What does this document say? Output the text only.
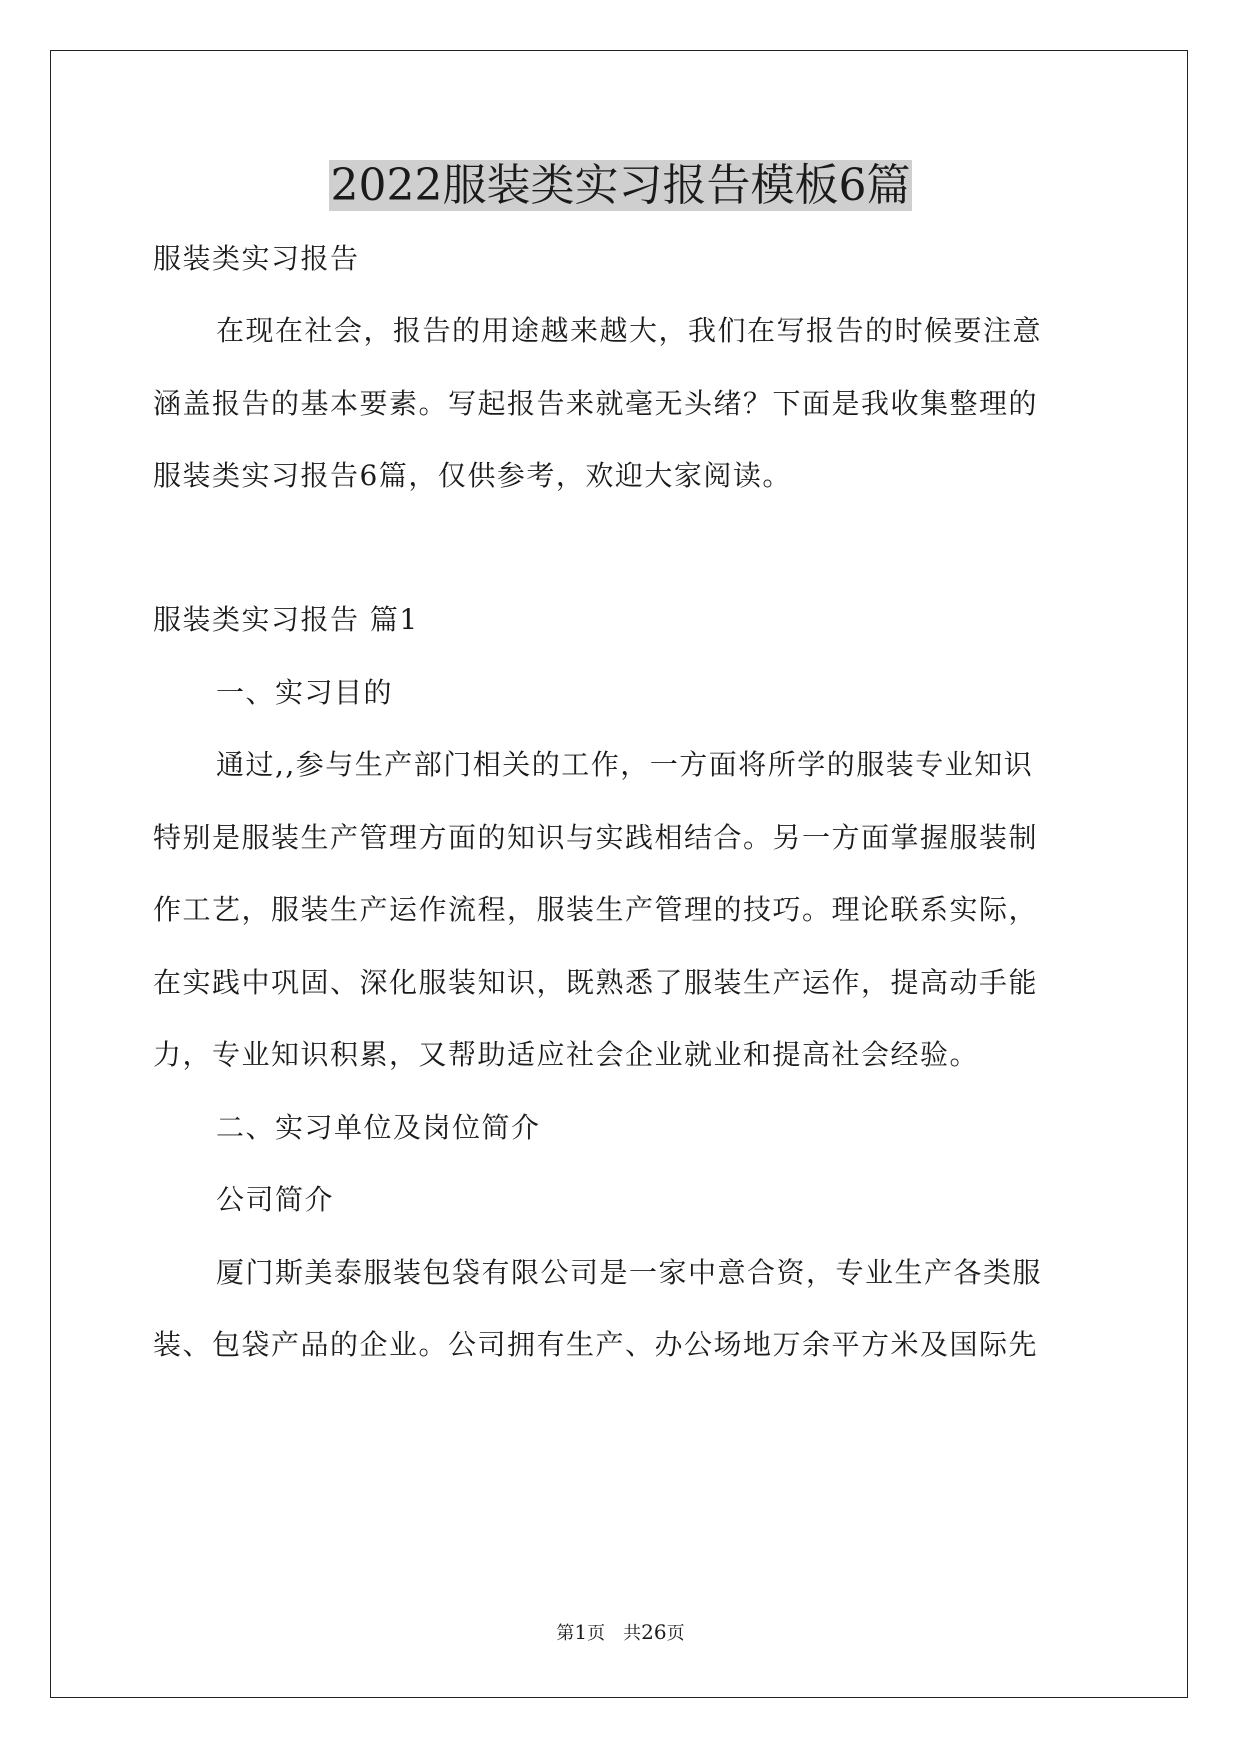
2022服装类实习报告模板6篇
服装类实习报告
在现在社会，报告的用途越来越大，我们在写报告的时候要注意
涵盖报告的基本要素。写起报告来就毫无头绪？下面是我收集整理的
服装类实习报告6篇，仅供参考，欢迎大家阅读。
服装类实习报告 篇1
一、实习目的
通过,,参与生产部门相关的工作，一方面将所学的服装专业知识
特别是服装生产管理方面的知识与实践相结合。另一方面掌握服装制
作工艺，服装生产运作流程，服装生产管理的技巧。理论联系实际，
在实践中巩固、深化服装知识，既熟悉了服装生产运作，提高动手能
力，专业知识积累，又帮助适应社会企业就业和提高社会经验。
二、实习单位及岗位简介
公司简介
厦门斯美泰服装包袋有限公司是一家中意合资，专业生产各类服
装、包袋产品的企业。公司拥有生产、办公场地万余平方米及国际先
第1页　共26页
